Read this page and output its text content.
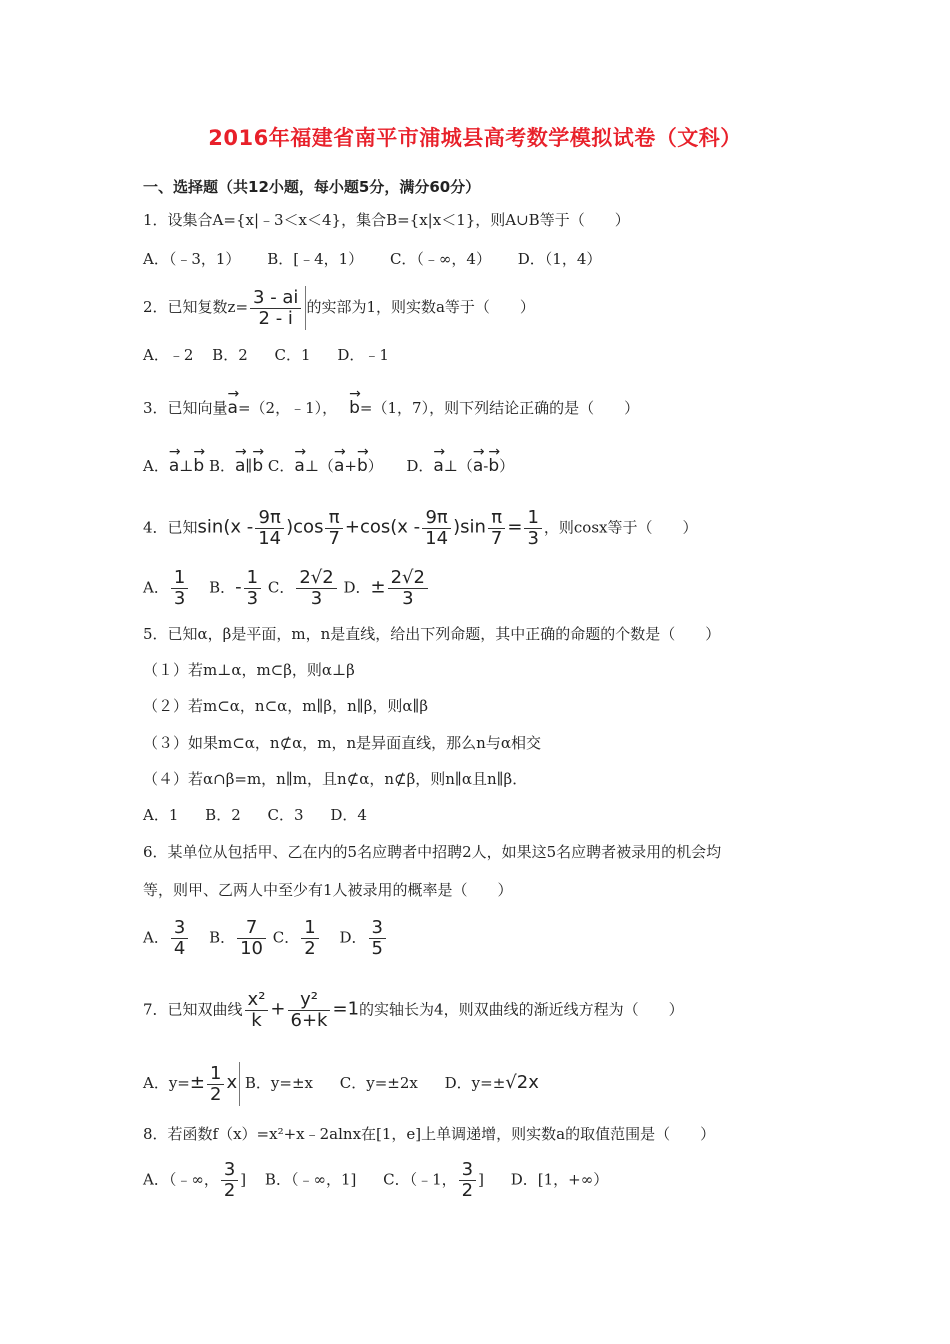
2016年福建省南平市浦城县高考数学模拟试卷（文科）
一、选择题（共12小题，每小题5分，满分60分）
1．设集合A={x|﹣3＜x＜4}，集合B={x|x＜1}，则A∪B等于（　　）
A．（﹣3，1） B．[﹣4，1） C．（﹣∞，4） D．（1，4）
2．已知复数$z= \frac{3 - ai}{2 - i}$ 的实部为1，则实数a等于（　　）
A．﹣2 B．2 C．1 D．﹣1
3．已知向量→ a=（2，﹣1），→ b=（1，7），则下列结论正确的是（　　）
A．→ a⊥→ b B．→ a∥→ b C．→ a⊥（→ a+→ b） D．→ a⊥（→ a-→ b）
4．已知$\sin(x - \frac{9\pi}{14} )\cos \frac{\pi}{7} +\cos(x - \frac{9\pi}{14} )\sin \frac{\pi}{7} = \frac{1}{3}$ ，则cosx等于（　　）
A． $\frac{1}{3}$ B．- $\frac{1}{3}$ C． $\frac{2√2}{3}$ D．± $\frac{2√2}{3}$
5．已知α，β是平面，m，n是直线，给出下列命题，其中正确的命题的个数是（　　）
（１）若m⊥α，m⊂β，则α⊥β
（２）若m⊂α，n⊂α，m∥β，n∥β，则α∥β
（３）如果m⊂α，n⊄α，m，n是异面直线，那么n与α相交
（４）若α∩β=m，n∥m，且n⊄α，n⊄β，则n∥α且n∥β．
A．1 B．2 C．3 D．4
6．某单位从包括甲、乙在内的5名应聘者中招聘2人，如果这5名应聘者被录用的机会均
等，则甲、乙两人中至少有1人被录用的概率是（　　）
A． $\frac{3}{4}$ B． $\frac{7}{10}$ C． $\frac{1}{2}$ D． $\frac{3}{5}$
7．已知双曲线 $\frac{\text{x²}}{k} + \frac{\text{y²}}{6+k} =1$的实轴长为4，则双曲线的渐近线方程为（　　）
A．$y=\pm \frac{1}{2}$ x B．y=±x C．y=±2x D．y=±√2x
8．若函数f（x）=x²+x﹣2alnx在[1，e]上单调递增，则实数a的取值范围是（　　）
A．（﹣∞， $\frac{3}{2}$ ] B．（﹣∞，1] C．（﹣1， $\frac{3}{2}$ ] D．[1，+∞）
